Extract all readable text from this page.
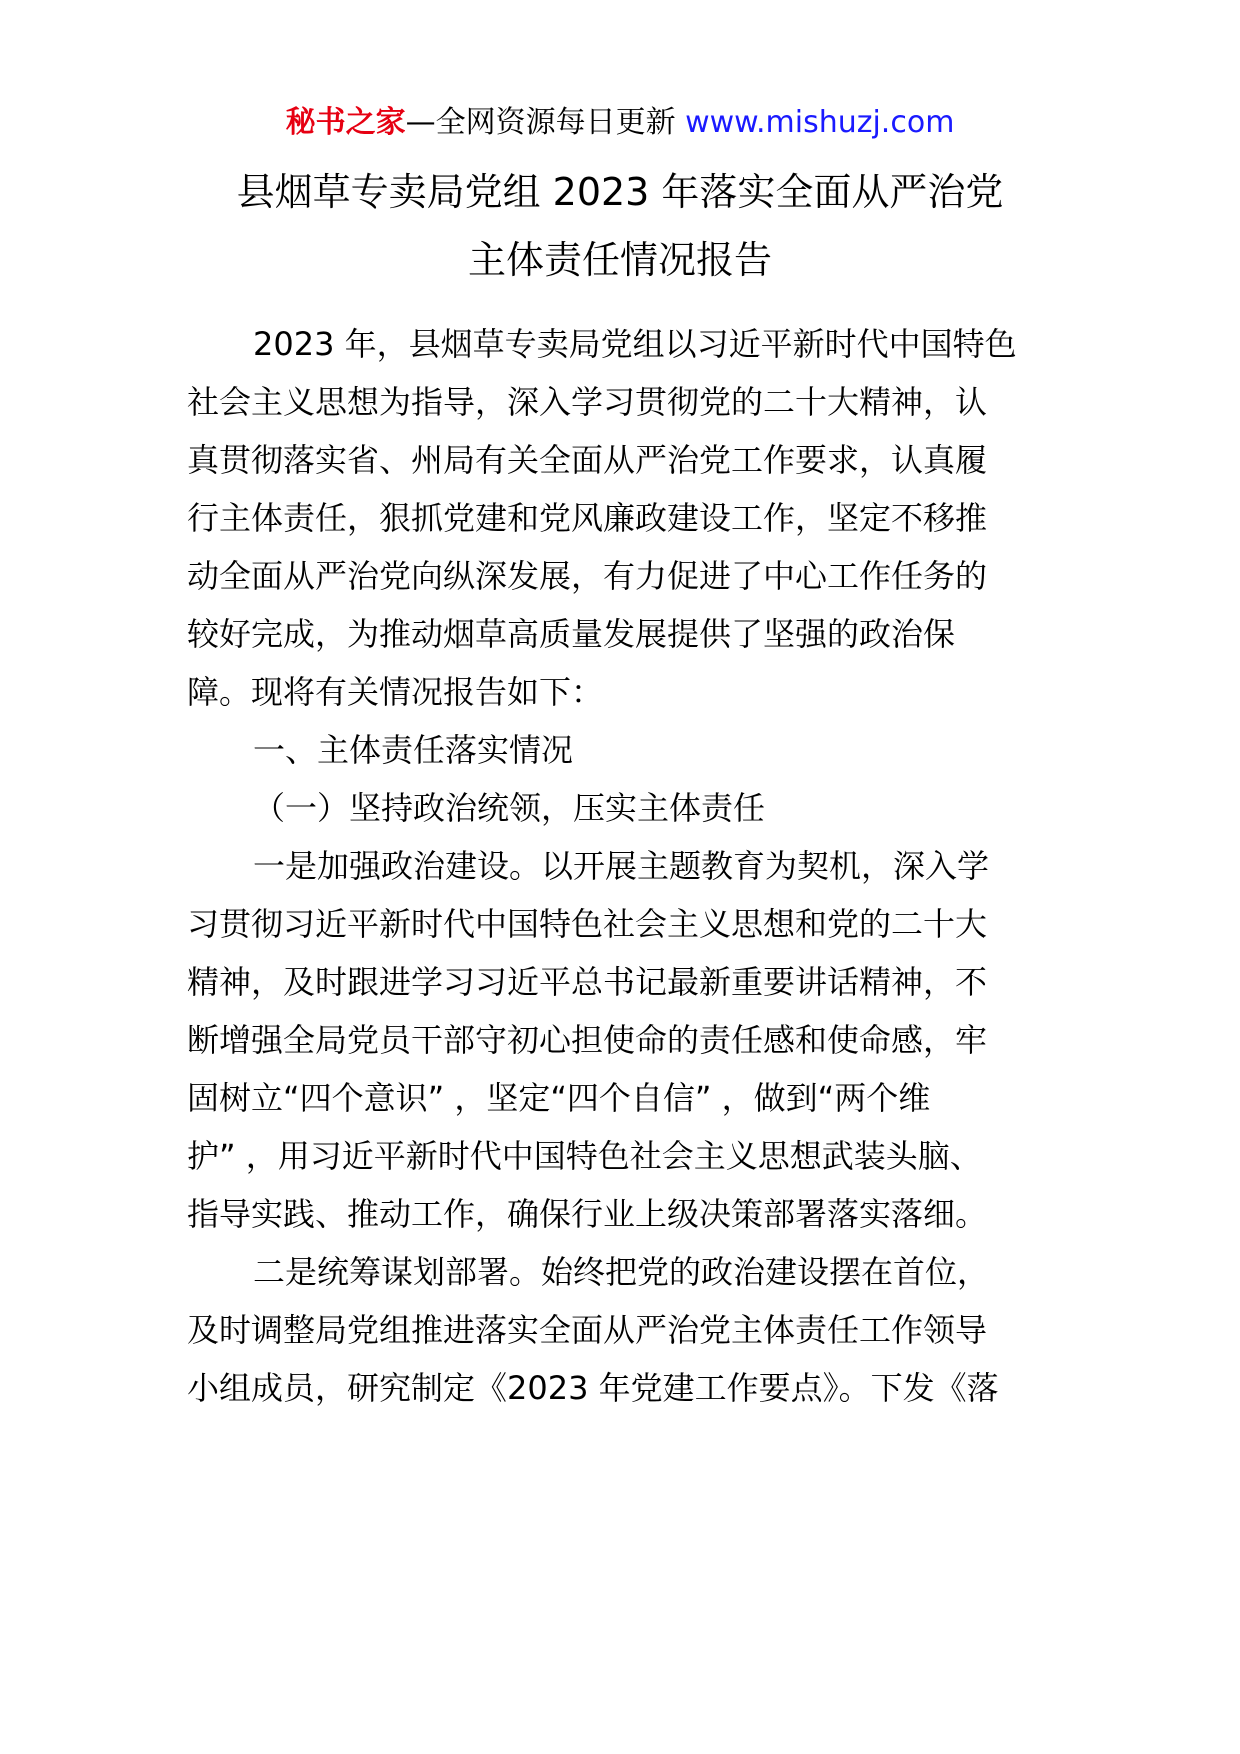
秘书之家—全网资源每日更新 www.mishuzj.com
县烟草专卖局党组 2023 年落实全面从严治党
主体责任情况报告
2023 年，县烟草专卖局党组以习近平新时代中国特色
社会主义思想为指导，深入学习贯彻党的二十大精神，认
真贯彻落实省、州局有关全面从严治党工作要求，认真履
行主体责任，狠抓党建和党风廉政建设工作，坚定不移推
动全面从严治党向纵深发展，有力促进了中心工作任务的
较好完成，为推动烟草高质量发展提供了坚强的政治保
障。现将有关情况报告如下：
一、主体责任落实情况
（一）坚持政治统领，压实主体责任
一是加强政治建设。以开展主题教育为契机，深入学
习贯彻习近平新时代中国特色社会主义思想和党的二十大
精神，及时跟进学习习近平总书记最新重要讲话精神，不
断增强全局党员干部守初心担使命的责任感和使命感，牢
固树立“四个意识” ，坚定“四个自信” ，做到“两个维
护” ，用习近平新时代中国特色社会主义思想武装头脑、
指导实践、推动工作，确保行业上级决策部署落实落细。
二是统筹谋划部署。始终把党的政治建设摆在首位，
及时调整局党组推进落实全面从严治党主体责任工作领导
小组成员，研究制定《2023 年党建工作要点》。下发《落
